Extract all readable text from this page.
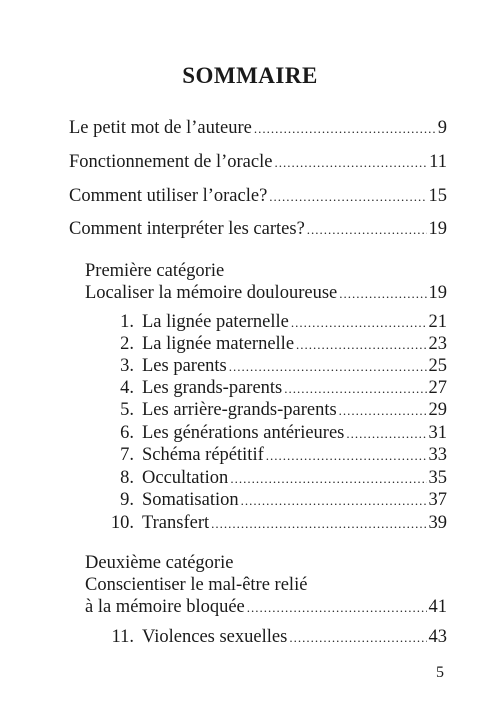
SOMMAIRE
Le petit mot de l’auteure .....	9
Fonctionnement de l’oracle .....	11
Comment utiliser l’oracle? .....	15
Comment interpréter les cartes? .....	19
Première catégorie
Localiser la mémoire douloureuse .....	19
1. La lignée paternelle .....	21
2. La lignée maternelle .....	23
3. Les parents .....	25
4. Les grands-parents .....	27
5. Les arrière-grands-parents .....	29
6. Les générations antérieures .....	31
7. Schéma répétitif .....	33
8. Occultation .....	35
9. Somatisation .....	37
10. Transfert .....	39
Deuxième catégorie
Conscientiser le mal-être relié
à la mémoire bloquée .....	41
11. Violences sexuelles .....	43
5
